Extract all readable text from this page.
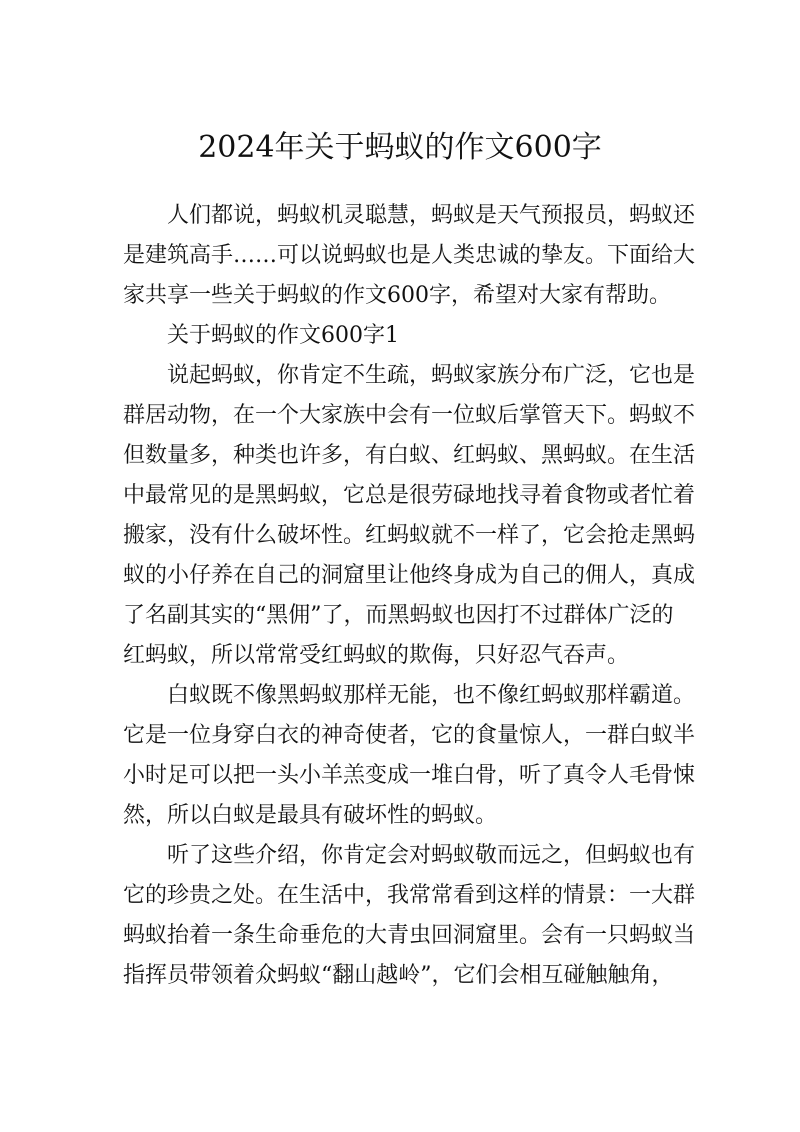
2024年关于蚂蚁的作文600字

人们都说，蚂蚁机灵聪慧，蚂蚁是天气预报员，蚂蚁还
是建筑高手……可以说蚂蚁也是人类忠诚的挚友。下面给大
家共享一些关于蚂蚁的作文600字，希望对大家有帮助。

关于蚂蚁的作文600字1

说起蚂蚁，你肯定不生疏，蚂蚁家族分布广泛，它也是
群居动物，在一个大家族中会有一位蚁后掌管天下。蚂蚁不
但数量多，种类也许多，有白蚁、红蚂蚁、黑蚂蚁。在生活
中最常见的是黑蚂蚁，它总是很劳碌地找寻着食物或者忙着
搬家，没有什么破坏性。红蚂蚁就不一样了，它会抢走黑蚂
蚁的小仔养在自己的洞窟里让他终身成为自己的佣人，真成
了名副其实的“黑佣”了，而黑蚂蚁也因打不过群体广泛的
红蚂蚁，所以常常受红蚂蚁的欺侮，只好忍气吞声。

白蚁既不像黑蚂蚁那样无能，也不像红蚂蚁那样霸道。
它是一位身穿白衣的神奇使者，它的食量惊人，一群白蚁半
小时足可以把一头小羊羔变成一堆白骨，听了真令人毛骨悚
然，所以白蚁是最具有破坏性的蚂蚁。

听了这些介绍，你肯定会对蚂蚁敬而远之，但蚂蚁也有
它的珍贵之处。在生活中，我常常看到这样的情景：一大群
蚂蚁抬着一条生命垂危的大青虫回洞窟里。会有一只蚂蚁当
指挥员带领着众蚂蚁“翻山越岭”，它们会相互碰触触角，
